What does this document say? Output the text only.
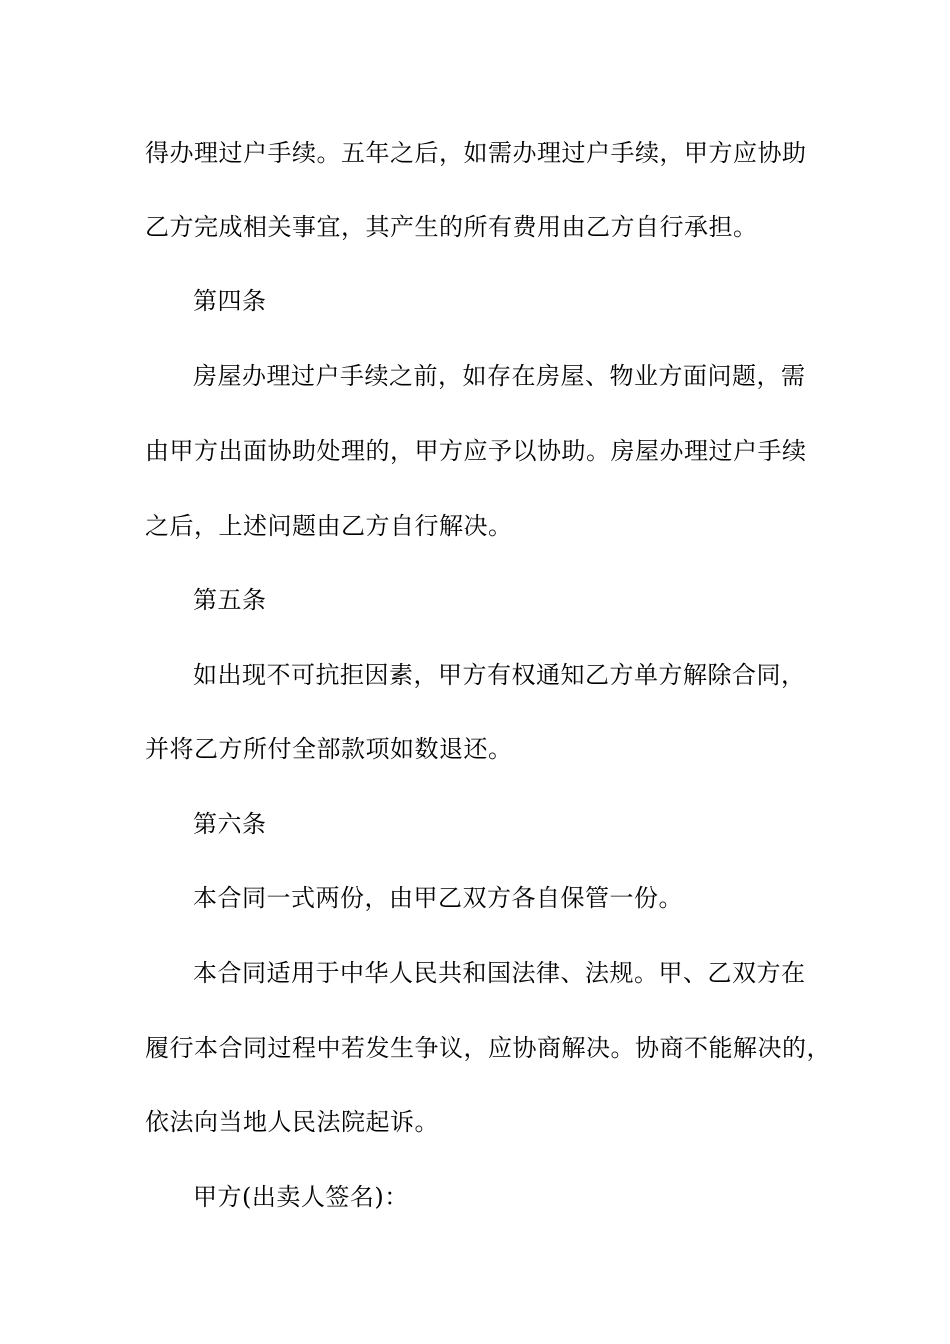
得办理过户手续。五年之后，如需办理过户手续，甲方应协助
乙方完成相关事宜，其产生的所有费用由乙方自行承担。
第四条
房屋办理过户手续之前，如存在房屋、物业方面问题，需
由甲方出面协助处理的，甲方应予以协助。房屋办理过户手续
之后，上述问题由乙方自行解决。
第五条
如出现不可抗拒因素，甲方有权通知乙方单方解除合同，
并将乙方所付全部款项如数退还。
第六条
本合同一式两份，由甲乙双方各自保管一份。
本合同适用于中华人民共和国法律、法规。甲、乙双方在
履行本合同过程中若发生争议，应协商解决。协商不能解决的，
依法向当地人民法院起诉。
甲方(出卖人签名)：
